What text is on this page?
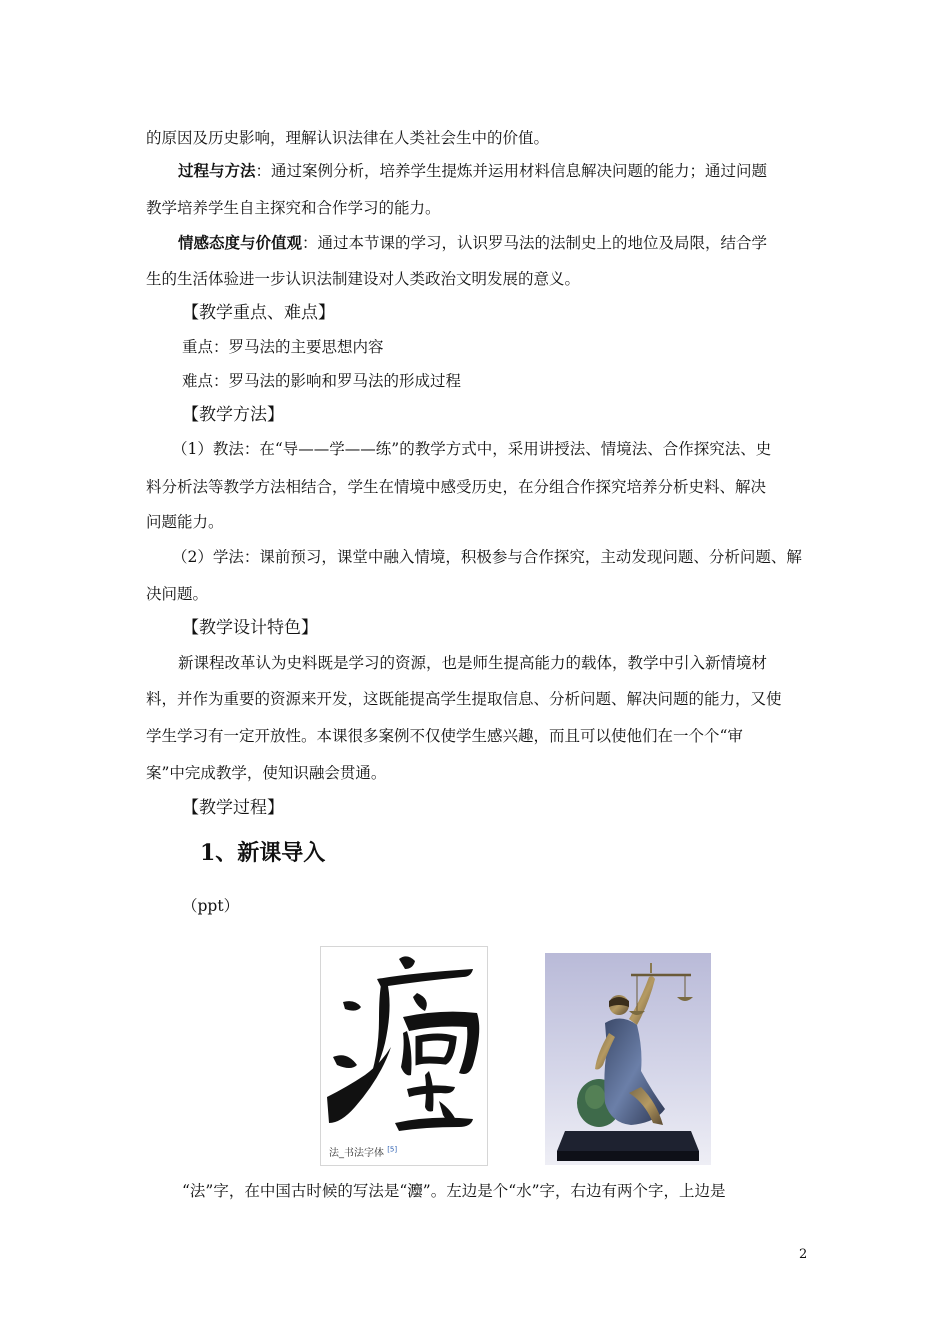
的原因及历史影响，理解认识法律在人类社会生中的价值。
过程与方法：通过案例分析，培养学生提炼并运用材料信息解决问题的能力；通过问题
教学培养学生自主探究和合作学习的能力。
情感态度与价值观：通过本节课的学习，认识罗马法的法制史上的地位及局限，结合学
生的生活体验进一步认识法制建设对人类政治文明发展的意义。
【教学重点、难点】
重点：罗马法的主要思想内容
难点：罗马法的影响和罗马法的形成过程
【教学方法】
（1）教法：在“导——学——练”的教学方式中，采用讲授法、情境法、合作探究法、史
料分析法等教学方法相结合，学生在情境中感受历史，在分组合作探究培养分析史料、解决
问题能力。
（2）学法：课前预习，课堂中融入情境，积极参与合作探究，主动发现问题、分析问题、解
决问题。
【教学设计特色】
新课程改革认为史料既是学习的资源，也是师生提高能力的载体，教学中引入新情境材
料，并作为重要的资源来开发，这既能提高学生提取信息、分析问题、解决问题的能力，又使
学生学习有一定开放性。本课很多案例不仅使学生感兴趣，而且可以使他们在一个个“审
案”中完成教学，使知识融会贯通。
【教学过程】
1、新课导入
（ppt）
法_书法字体 [5]
“法”字，在中国古时候的写法是“灋”。左边是个“水”字，右边有两个字，上边是
2
